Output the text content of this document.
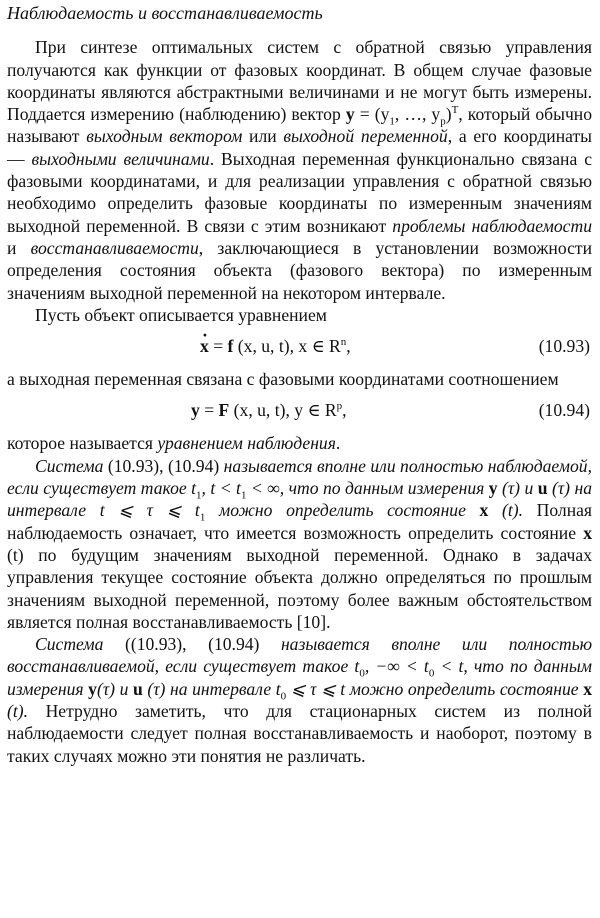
Наблюдаемость и восстанавливаемость

При синтезе оптимальных систем с обратной связью управления получаются как функции от фазовых координат. В общем случае фазовые координаты являются абстрактными величинами и не могут быть измерены. Поддается измерению (наблюдению) вектор $y = (y_1$, …, $y_p)^T$, который обычно называют выходным вектором или выходной переменной, а его координаты — выходными величинами. Выходная переменная функционально связана с фазовыми координатами, и для реализации управления с обратной связью необходимо определить фазовые координаты по измеренным значениям выходной переменной. В связи с этим возникают проблемы наблюдаемости и восстанавливаемости, заключающиеся в установлении возможности определения состояния объекта (фазового вектора) по измеренным значениям выходной переменной на некотором интервале.

Пусть объект описывается уравнением

· x = f (x, u, t), x ∈ $R^n$,	(10.93)

а выходная переменная связана с фазовыми координатами соотношением

y = F (x, u, t), y ∈ $R^p$,	(10.94)

которое называется уравнением наблюдения.

Система (10.93), (10.94) называется вполне или полностью наблюдаемой, если существует такое $t_1$, $t < t_1$ < ∞, что по данным измерения y (τ) и u (τ) на интервале t ⩽ τ ⩽ $t_1$ можно определить состояние x (t). Полная наблюдаемость означает, что имеется возможность определить состояние x (t) по будущим значениям выходной переменной. Однако в задачах управления текущее состояние объекта должно определяться по прошлым значениям выходной переменной, поэтому более важным обстоятельством является полная восстанавливаемость [10].

Система ((10.93), (10.94) называется вполне или полностью восстанавливаемой, если существует такое $t_0$, −∞ < $t_0 < t$, что по данным измерения y(τ) и u (τ) на интервале $t_0$ ⩽ τ ⩽ t можно определить состояние x (t). Нетрудно заметить, что для стационарных систем из полной наблюдаемости следует полная восстанавливаемость и наоборот, поэтому в таких случаях можно эти понятия не различать.
